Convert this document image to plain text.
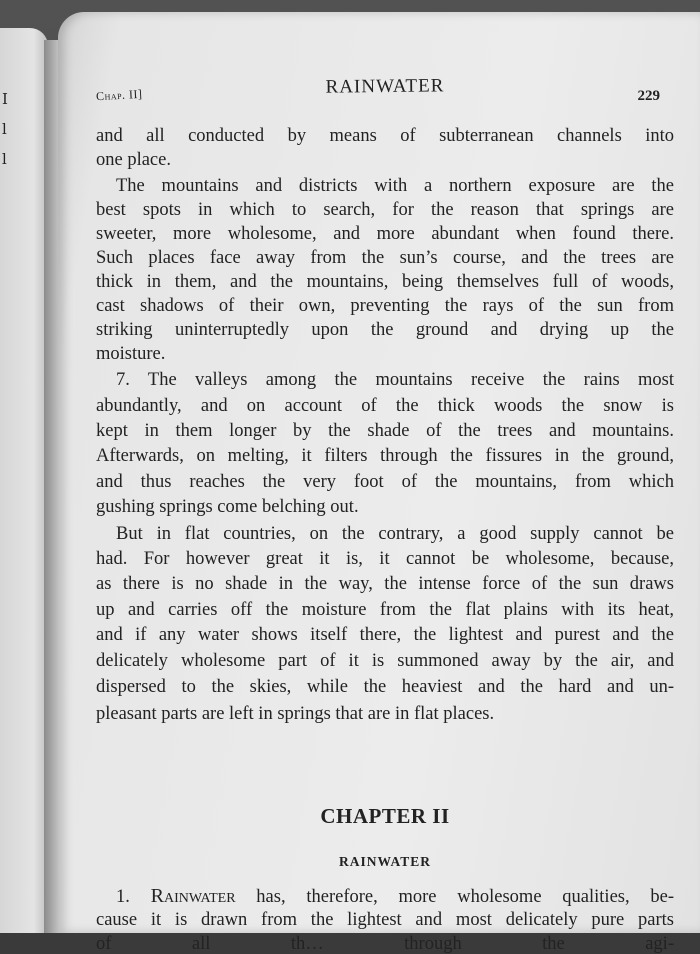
I
l
l
Chap. II]	RAINWATER	229
and all conducted by means of subterranean channels into
one place.
The mountains and districts with a northern exposure are the
best spots in which to search, for the reason that springs are
sweeter, more wholesome, and more abundant when found there.
Such places face away from the sun’s course, and the trees are
thick in them, and the mountains, being themselves full of woods,
cast shadows of their own, preventing the rays of the sun from
striking uninterruptedly upon the ground and drying up the
moisture.
7. The valleys among the mountains receive the rains most
abundantly, and on account of the thick woods the snow is
kept in them longer by the shade of the trees and mountains.
Afterwards, on melting, it filters through the fissures in the ground,
and thus reaches the very foot of the mountains, from which
gushing springs come belching out.
But in flat countries, on the contrary, a good supply cannot be
had. For however great it is, it cannot be wholesome, because,
as there is no shade in the way, the intense force of the sun draws
up and carries off the moisture from the flat plains with its heat,
and if any water shows itself there, the lightest and purest and the
delicately wholesome part of it is summoned away by the air, and
dispersed to the skies, while the heaviest and the hard and un-
pleasant parts are left in springs that are in flat places.
CHAPTER II
RAINWATER
1. Rainwater has, therefore, more wholesome qualities, be-
cause it is drawn from the lightest and most delicately pure parts
of all th… through the agi-
